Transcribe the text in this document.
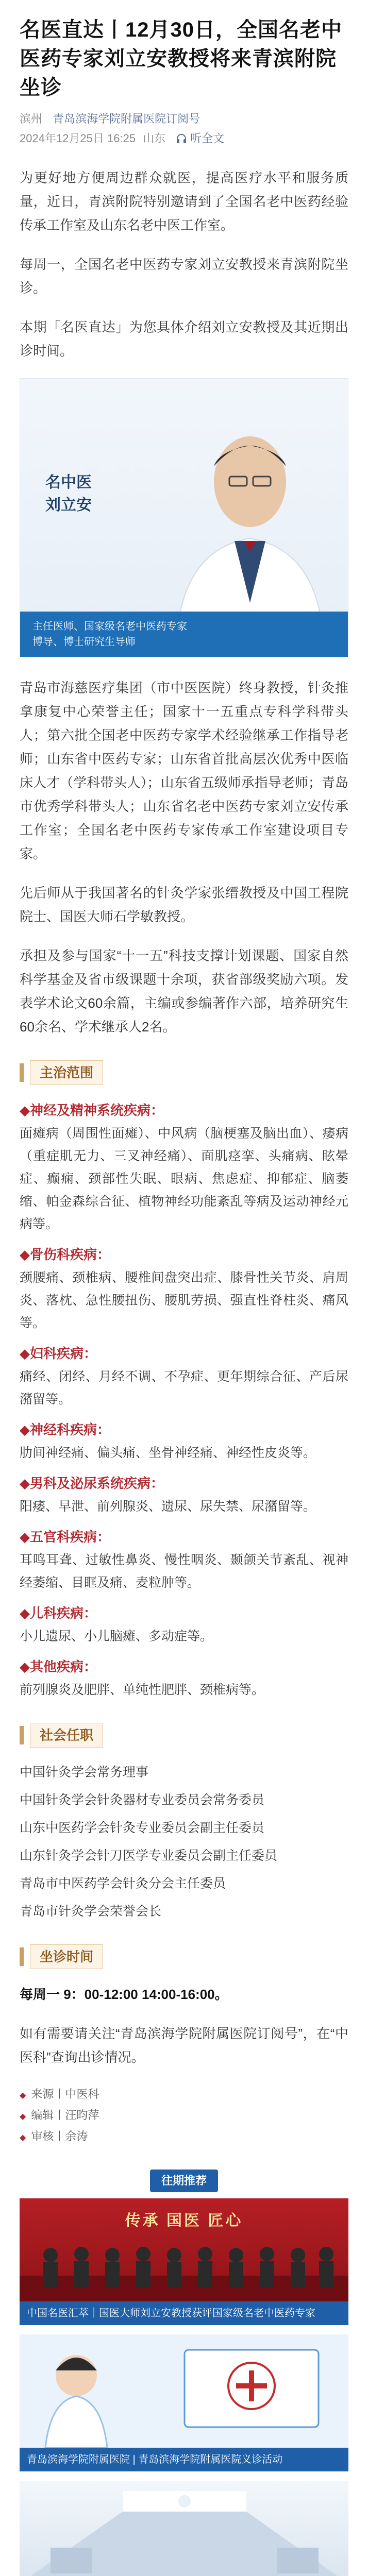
名医直达丨12月30日，全国名老中医药专家刘立安教授将来青滨附院坐诊
滨州 青岛滨海学院附属医院订阅号
2024年12月25日 16:25 山东 听全文
为更好地方便周边群众就医，提高医疗水平和服务质量，近日，青滨附院特别邀请到了全国名老中医药经验传承工作室及山东名老中医工作室。
每周一，全国名老中医药专家刘立安教授来青滨附院坐诊。
本期「名医直达」为您具体介绍刘立安教授及其近期出诊时间。
名中医
刘立安
主任医师、国家级名老中医药专家
博导、博士研究生导师
青岛市海慈医疗集团（市中医医院）终身教授，针灸推拿康复中心荣誉主任；国家十一五重点专科学科带头人；第六批全国老中医药专家学术经验继承工作指导老师；山东省中医药专家；山东省首批高层次优秀中医临床人才（学科带头人）；山东省五级师承指导老师；青岛市优秀学科带头人；山东省名老中医药专家刘立安传承工作室；全国名老中医药专家传承工作室建设项目专家。
先后师从于我国著名的针灸学家张缙教授及中国工程院院士、国医大师石学敏教授。
承担及参与国家“十一五”科技支撑计划课题、国家自然科学基金及省市级课题十余项，获省部级奖励六项。发表学术论文60余篇，主编或参编著作六部，培养研究生60余名、学术继承人2名。
主治范围
◆神经及精神系统疾病：
面瘫病（周围性面瘫）、中风病（脑梗塞及脑出血）、痿病（重症肌无力、三叉神经痛）、面肌痉挛、头痛病、眩晕症、癫痫、颈部性失眠、眼病、焦虑症、抑郁症、脑萎缩、帕金森综合征、植物神经功能紊乱等病及运动神经元病等。
◆骨伤科疾病：
颈腰痛、颈椎病、腰椎间盘突出症、膝骨性关节炎、肩周炎、落枕、急性腰扭伤、腰肌劳损、强直性脊柱炎、痛风等。
◆妇科疾病：
痛经、闭经、月经不调、不孕症、更年期综合征、产后尿潴留等。
◆神经科疾病：
肋间神经痛、偏头痛、坐骨神经痛、神经性皮炎等。
◆男科及泌尿系统疾病：
阳痿、早泄、前列腺炎、遗尿、尿失禁、尿潴留等。
◆五官科疾病：
耳鸣耳聋、过敏性鼻炎、慢性咽炎、颞颌关节紊乱、视神经萎缩、目眶及痛、麦粒肿等。
◆儿科疾病：
小儿遗尿、小儿脑瘫、多动症等。
◆其他疾病：
前列腺炎及肥胖、单纯性肥胖、颈椎病等。
社会任职
中国针灸学会常务理事
中国针灸学会针灸器材专业委员会常务委员
山东中医药学会针灸专业委员会副主任委员
山东针灸学会针刀医学专业委员会副主任委员
青岛市中医药学会针灸分会主任委员
青岛市针灸学会荣誉会长
坐诊时间
每周一 9：00-12:00 14:00-16:00。
如有需要请关注“青岛滨海学院附属医院订阅号”，在“中医科”查询出诊情况。
◆ 来源丨中医科
◆ 编辑丨汪昀萍
◆ 审核丨余涛
往期推荐
传承 国医 匠心
中国名医汇萃｜国医大师刘立安教授获评国家级名老中医药专家
青岛滨海学院附属医院 | 青岛滨海学院附属医院义诊活动
